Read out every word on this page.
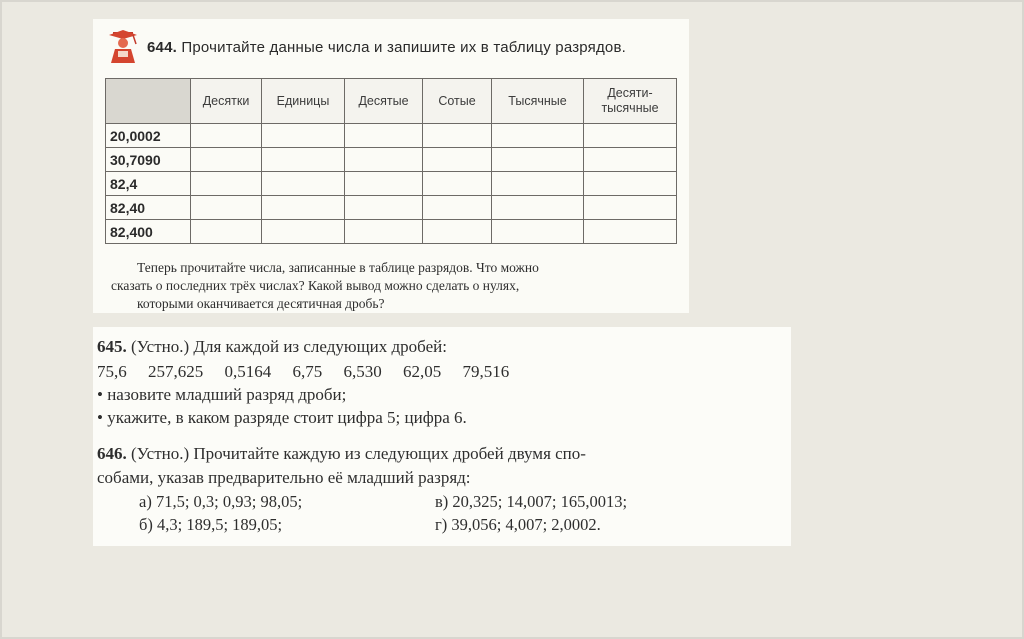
644. Прочитайте данные числа и запишите их в таблицу разрядов.
	Десятки	Единицы	Десятые	Сотые	Тысячные	Десяти-
тысячные
20,0002						
30,7090						
82,4						
82,40						
82,400						
Теперь прочитайте числа, записанные в таблице разрядов. Что можно
сказать о последних трёх числах? Какой вывод можно сделать о нулях,
которыми оканчивается десятичная дробь?
645. (Устно.) Для каждой из следующих дробей:
75,6 257,625 0,5164 6,75 6,530 62,05 79,516
• назовите младший разряд дроби;
• укажите, в каком разряде стоит цифра 5; цифра 6.
646. (Устно.) Прочитайте каждую из следующих дробей двумя спо-
собами, указав предварительно её младший разряд:
а) 71,5; 0,3; 0,93; 98,05;
б) 4,3; 189,5; 189,05;
в) 20,325; 14,007; 165,0013;
г) 39,056; 4,007; 2,0002.
